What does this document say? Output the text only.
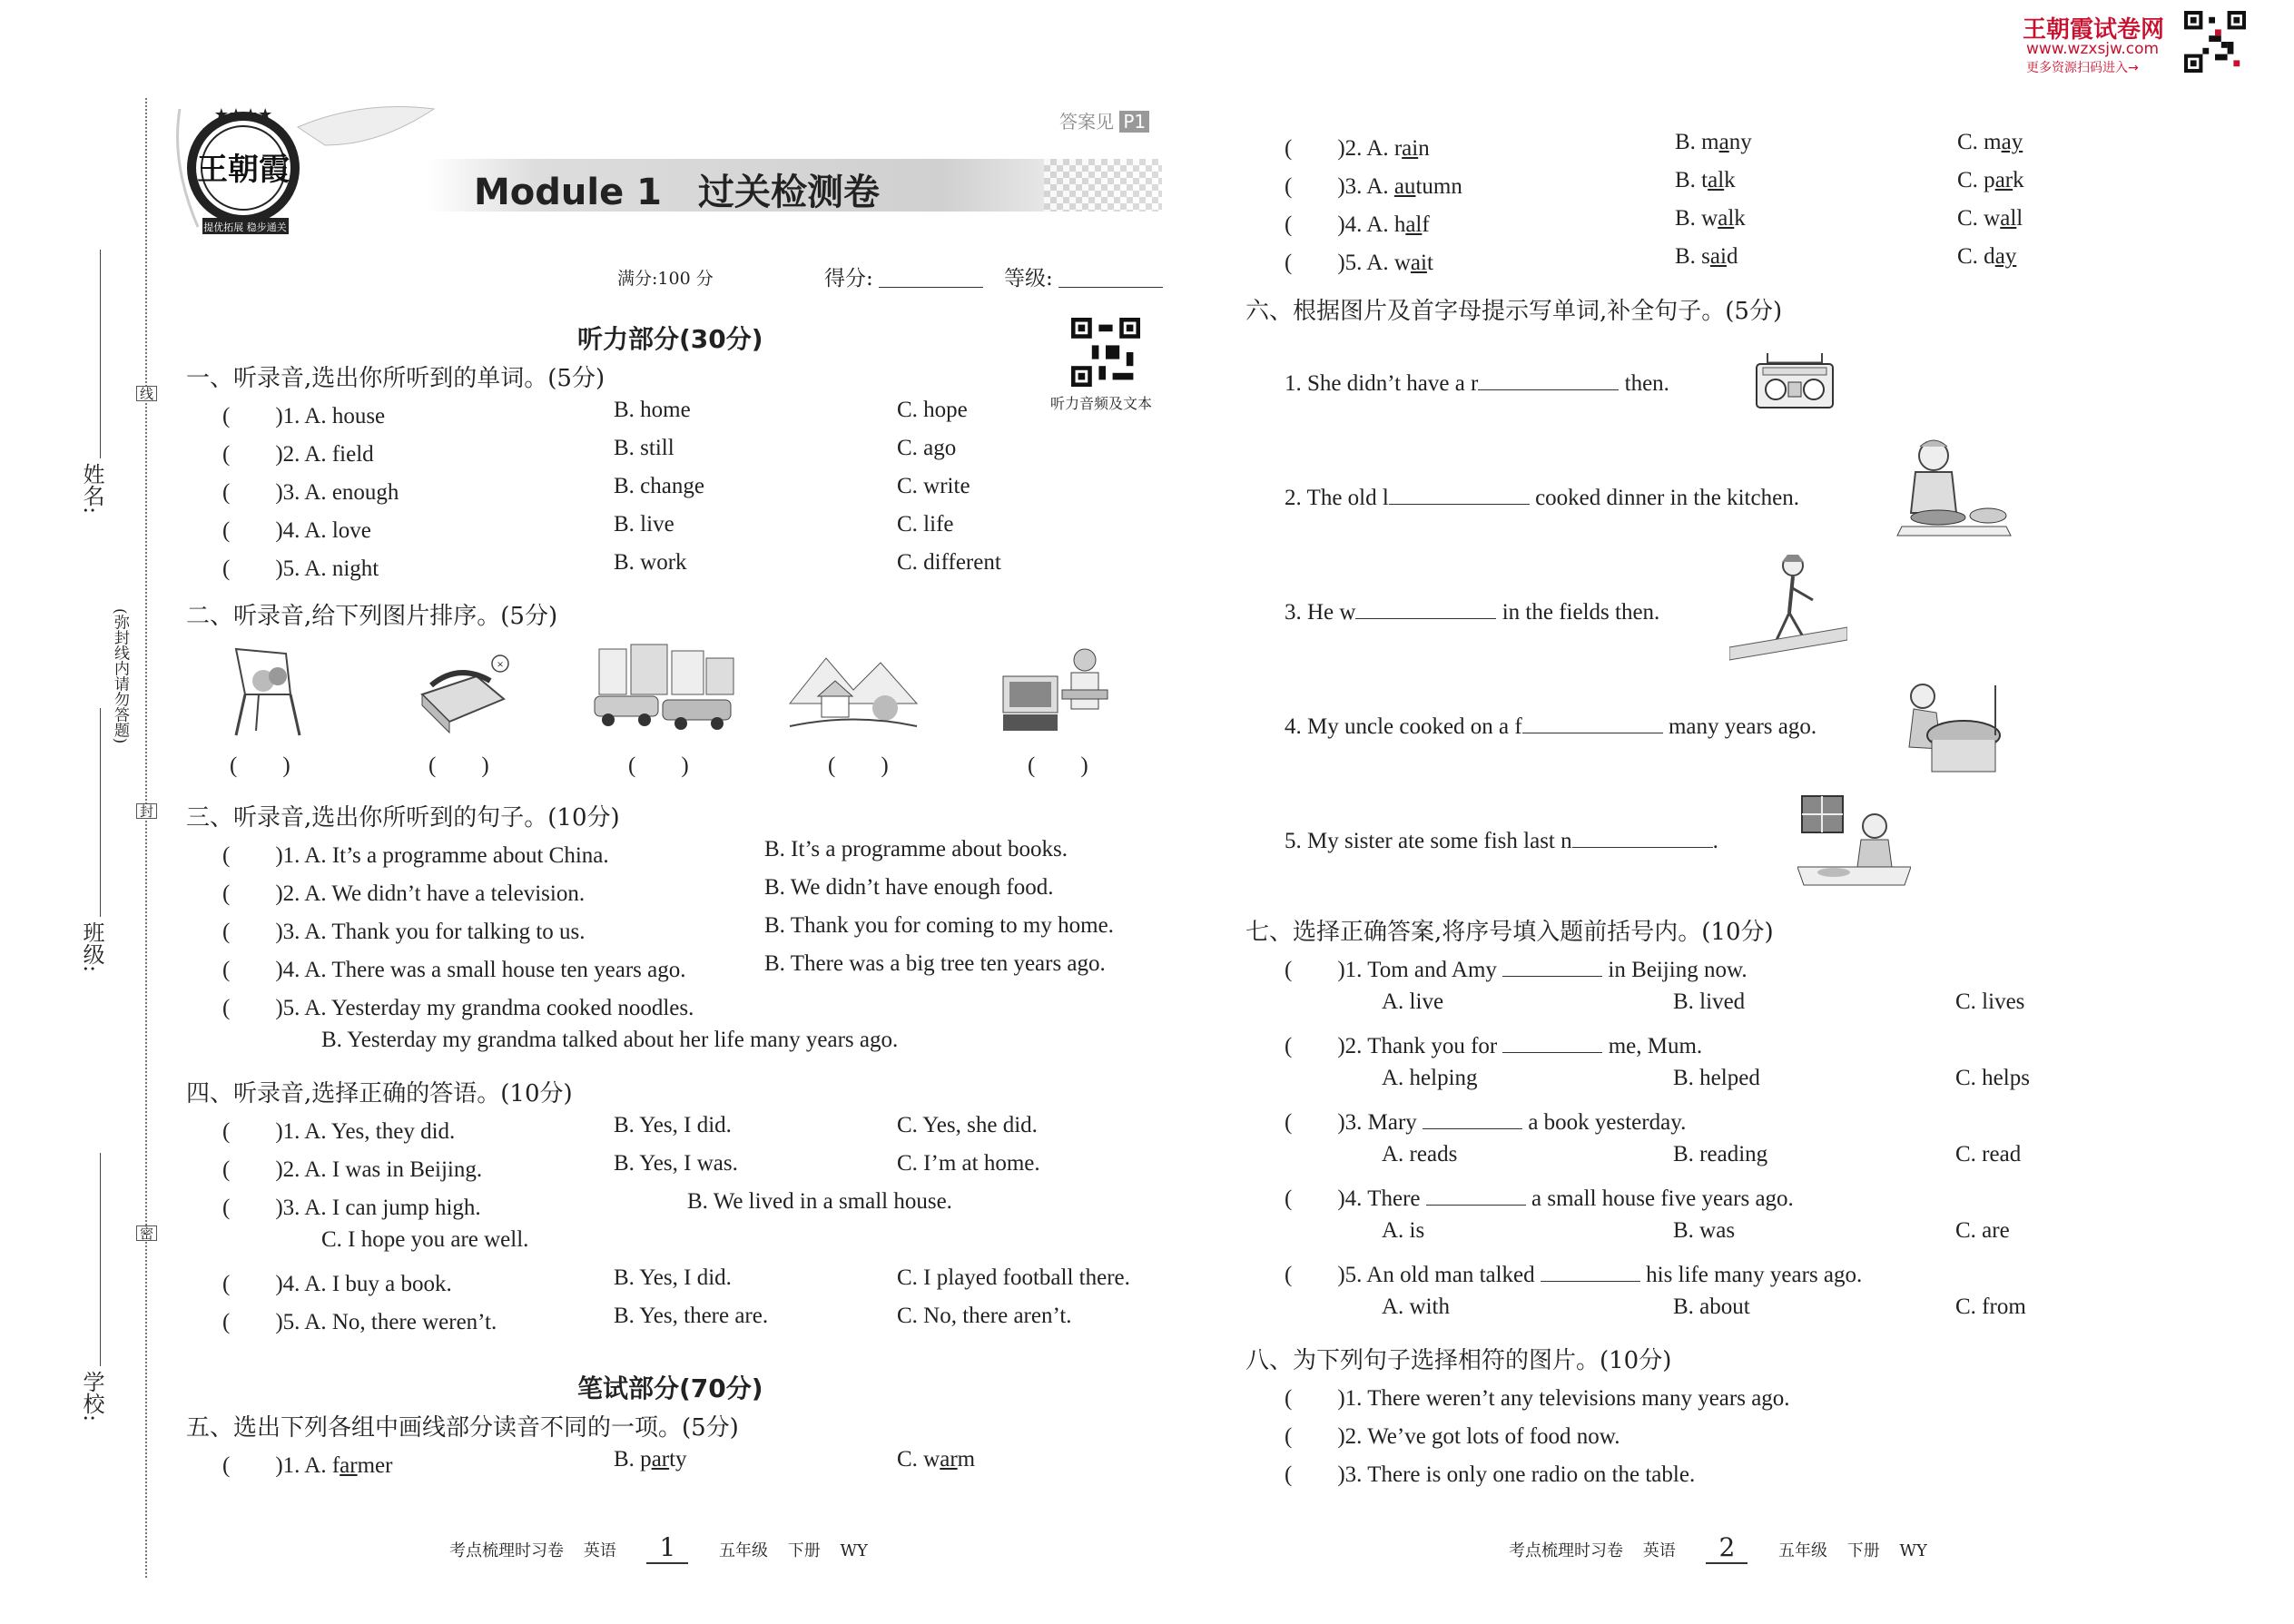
王朝霞试卷网
www.wzxsjw.com
更多资源扫码进入→
姓名:
班级:
学校:
(弥封线内请勿答题)
线
封
密
王朝霞
提优拓展 稳步通关
★★★★
Module 1　过关检测卷
答案见 P1
满分:100 分	得分:	等级:
听力音频及文本
听力部分(30分)
一、听录音,选出你所听到的单词。(5分)
(　　)1. A. house	B. home	C. hope
(　　)2. A. field	B. still	C. ago
(　　)3. A. enough	B. change	C. write
(　　)4. A. love	B. live	C. life
(　　)5. A. night	B. work	C. different
二、听录音,给下列图片排序。(5分)
×
(　　)	(　　)	(　　)	(　　)	(　　)
三、听录音,选出你所听到的句子。(10分)
(　　)1. A. It’s a programme about China.	B. It’s a programme about books.
(　　)2. A. We didn’t have a television.	B. We didn’t have enough food.
(　　)3. A. Thank you for talking to us.	B. Thank you for coming to my home.
(　　)4. A. There was a small house ten years ago.	B. There was a big tree ten years ago.
(　　)5. A. Yesterday my grandma cooked noodles.
B. Yesterday my grandma talked about her life many years ago.
四、听录音,选择正确的答语。(10分)
(　　)1. A. Yes, they did.	B. Yes, I did.	C. Yes, she did.
(　　)2. A. I was in Beijing.	B. Yes, I was.	C. I’m at home.
(　　)3. A. I can jump high.	B. We lived in a small house.
C. I hope you are well.
(　　)4. A. I buy a book.	B. Yes, I did.	C. I played football there.
(　　)5. A. No, there weren’t.	B. Yes, there are.	C. No, there aren’t.
笔试部分(70分)
五、选出下列各组中画线部分读音不同的一项。(5分)
(　　)1. A. farmer	B. party	C. warm
考点梳理时习卷 英语 1	五年级 下册 WY
(　　)2. A. rain	B. many	C. may
(　　)3. A. autumn	B. talk	C. park
(　　)4. A. half	B. walk	C. wall
(　　)5. A. wait	B. said	C. day
六、根据图片及首字母提示写单词,补全句子。(5分)
1. She didn’t have a r	then.
2. The old l	cooked dinner in the kitchen.
3. He w	in the fields then.
4. My uncle cooked on a f	many years ago.
5. My sister ate some fish last n	.
七、选择正确答案,将序号填入题前括号内。(10分)
(　　)1. Tom and Amy	in Beijing now.
A. live	B. lived	C. lives
(　　)2. Thank you for	me, Mum.
A. helping	B. helped	C. helps
(　　)3. Mary	a book yesterday.
A. reads	B. reading	C. read
(　　)4. There	a small house five years ago.
A. is	B. was	C. are
(　　)5. An old man talked	his life many years ago.
A. with	B. about	C. from
八、为下列句子选择相符的图片。(10分)
(　　)1. There weren’t any televisions many years ago.
(　　)2. We’ve got lots of food now.
(　　)3. There is only one radio on the table.
考点梳理时习卷 英语 2	五年级 下册 WY
